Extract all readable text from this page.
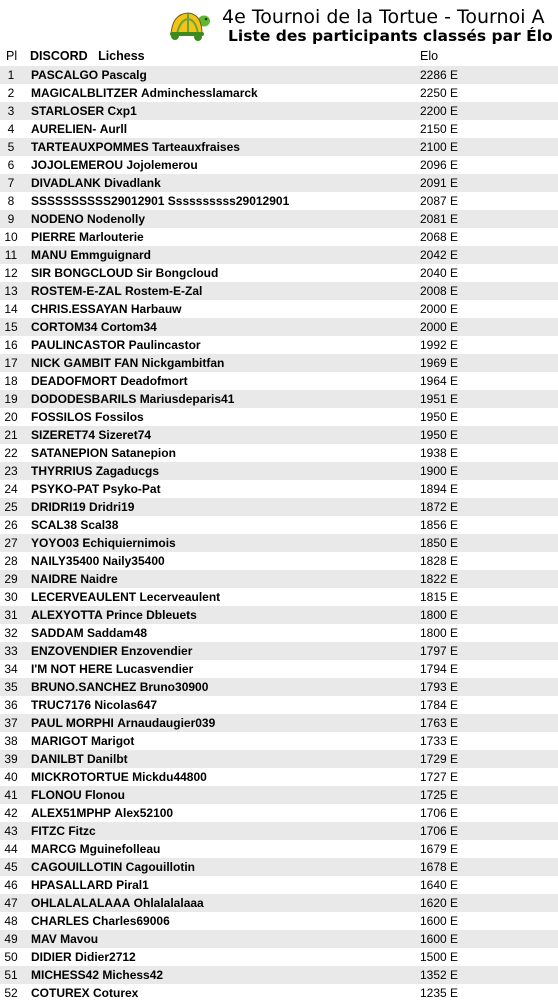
4e Tournoi de la Tortue - Tournoi A
Liste des participants classés par Élo
Pl DISCORD Lichess	Elo
1	PASCALGO Pascalg	2286 E
2	MAGICALBLITZER Adminchesslamarck	2250 E
3	STARLOSER Cxp1	2200 E
4	AURELIEN- Aurll	2150 E
5	TARTEAUXPOMMES Tarteauxfraises	2100 E
6	JOJOLEMEROU Jojolemerou	2096 E
7	DIVADLANK Divadlank	2091 E
8	SSSSSSSSSS29012901 Ssssssssss29012901	2087 E
9	NODENO Nodenolly	2081 E
10	PIERRE Marlouterie	2068 E
11	MANU Emmguignard	2042 E
12	SIR BONGCLOUD Sir Bongcloud	2040 E
13	ROSTEM-E-ZAL Rostem-E-Zal	2008 E
14	CHRIS.ESSAYAN Harbauw	2000 E
15	CORTOM34 Cortom34	2000 E
16	PAULINCASTOR Paulincastor	1992 E
17	NICK GAMBIT FAN Nickgambitfan	1969 E
18	DEADOFMORT Deadofmort	1964 E
19	DODODESBARILS Mariusdeparis41	1951 E
20	FOSSILOS Fossilos	1950 E
21	SIZERET74 Sizeret74	1950 E
22	SATANEPION Satanepion	1938 E
23	THYRRIUS Zagaducgs	1900 E
24	PSYKO-PAT Psyko-Pat	1894 E
25	DRIDRI19 Dridri19	1872 E
26	SCAL38 Scal38	1856 E
27	YOYO03 Echiquiernimois	1850 E
28	NAILY35400 Naily35400	1828 E
29	NAIDRE Naidre	1822 E
30	LECERVEAULENT Lecerveaulent	1815 E
31	ALEXYOTTA Prince Dbleuets	1800 E
32	SADDAM Saddam48	1800 E
33	ENZOVENDIER Enzovendier	1797 E
34	I'M NOT HERE Lucasvendier	1794 E
35	BRUNO.SANCHEZ Bruno30900	1793 E
36	TRUC7176 Nicolas647	1784 E
37	PAUL MORPHI Arnaudaugier039	1763 E
38	MARIGOT Marigot	1733 E
39	DANILBT Danilbt	1729 E
40	MICKROTORTUE Mickdu44800	1727 E
41	FLONOU Flonou	1725 E
42	ALEX51MPHP Alex52100	1706 E
43	FITZC Fitzc	1706 E
44	MARCG Mguinefolleau	1679 E
45	CAGOUILLOTIN Cagouillotin	1678 E
46	HPASALLARD Piral1	1640 E
47	OHLALALALAAA Ohlalalalaaa	1620 E
48	CHARLES Charles69006	1600 E
49	MAV Mavou	1600 E
50	DIDIER Didier2712	1500 E
51	MICHESS42 Michess42	1352 E
52	COTUREX Coturex	1235 E
